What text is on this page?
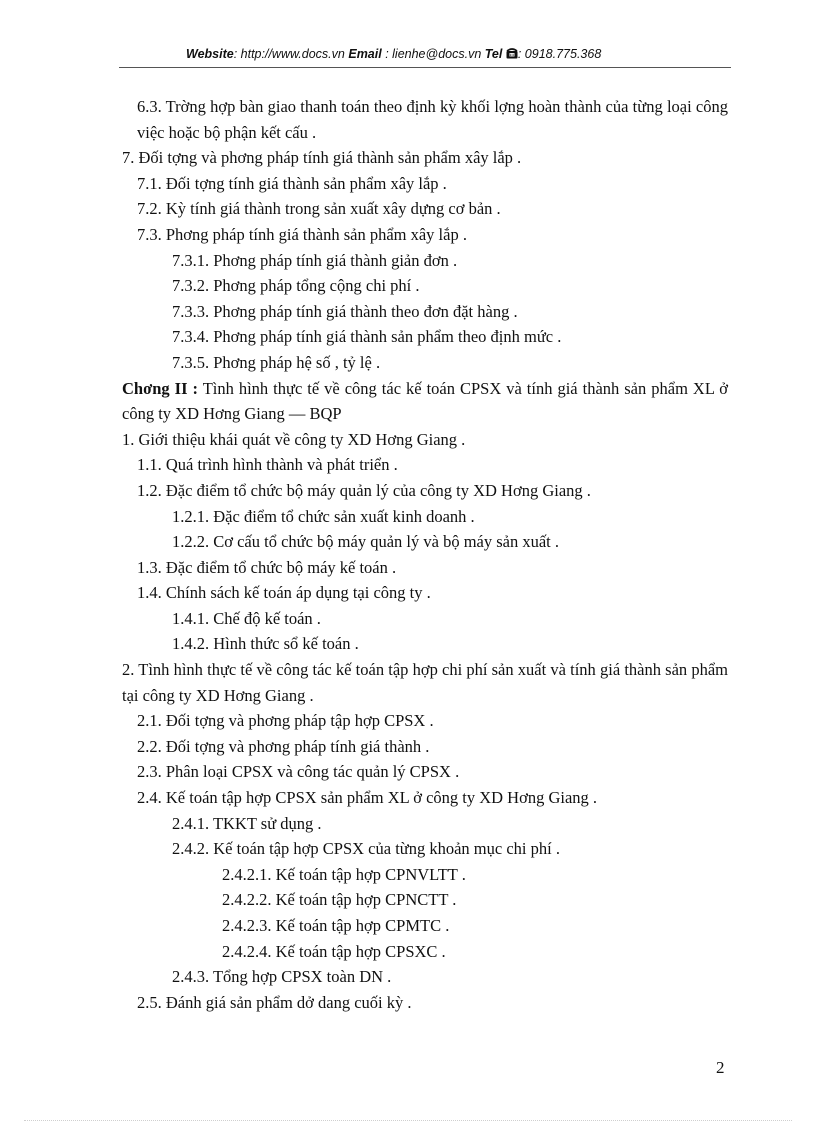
Website: http://www.docs.vn Email : lienhe@docs.vn Tel : 0918.775.368
6.3. Trờng hợp bàn giao thanh toán theo định kỳ khối lợng hoàn thành của từng loại công việc hoặc bộ phận kết cấu .
7. Đối tợng và phơng pháp tính giá thành sản phẩm xây lắp .
7.1. Đối tợng tính giá thành sản phẩm xây lắp .
7.2. Kỳ tính giá thành trong sản xuất xây dựng cơ bản .
7.3. Phơng pháp tính giá thành sản phẩm xây lắp .
7.3.1. Phơng pháp tính giá thành giản đơn .
7.3.2. Phơng pháp tổng cộng chi phí .
7.3.3. Phơng pháp tính giá thành theo đơn đặt hàng .
7.3.4. Phơng pháp tính giá thành sản phẩm theo định mức .
7.3.5. Phơng pháp hệ số , tỷ lệ .
Chơng II : Tình hình thực tế về công tác kế toán CPSX và tính giá thành sản phẩm XL ở công ty XD Hơng Giang — BQP
1. Giới thiệu khái quát về công ty XD Hơng Giang .
1.1. Quá trình hình thành và phát triển .
1.2. Đặc điểm tổ chức bộ máy quản lý của công ty XD Hơng Giang .
1.2.1. Đặc điểm tổ chức sản xuất kinh doanh .
1.2.2. Cơ cấu tổ chức bộ máy quản lý và bộ máy sản xuất .
1.3. Đặc điểm tổ chức bộ máy kế toán .
1.4. Chính sách kế toán áp dụng tại công ty .
1.4.1. Chế độ kế toán .
1.4.2. Hình thức sổ kế toán .
2. Tình hình thực tế về công tác kế toán tập hợp chi phí sản xuất và tính giá thành sản phẩm tại công ty XD Hơng Giang .
2.1. Đối tợng và phơng pháp tập hợp CPSX .
2.2. Đối tợng và phơng pháp tính giá thành .
2.3. Phân loại CPSX và công tác quản lý CPSX .
2.4. Kế toán tập hợp CPSX sản phẩm XL ở công ty XD Hơng Giang .
2.4.1. TKKT sử dụng .
2.4.2. Kế toán tập hợp CPSX của từng khoản mục chi phí .
2.4.2.1. Kế toán tập hợp CPNVLTT .
2.4.2.2. Kế toán tập hợp CPNCTT .
2.4.2.3. Kế toán tập hợp CPMTC .
2.4.2.4. Kế toán tập hợp CPSXC .
2.4.3. Tổng hợp CPSX toàn DN .
2.5. Đánh giá sản phẩm dở dang cuối kỳ .
2
